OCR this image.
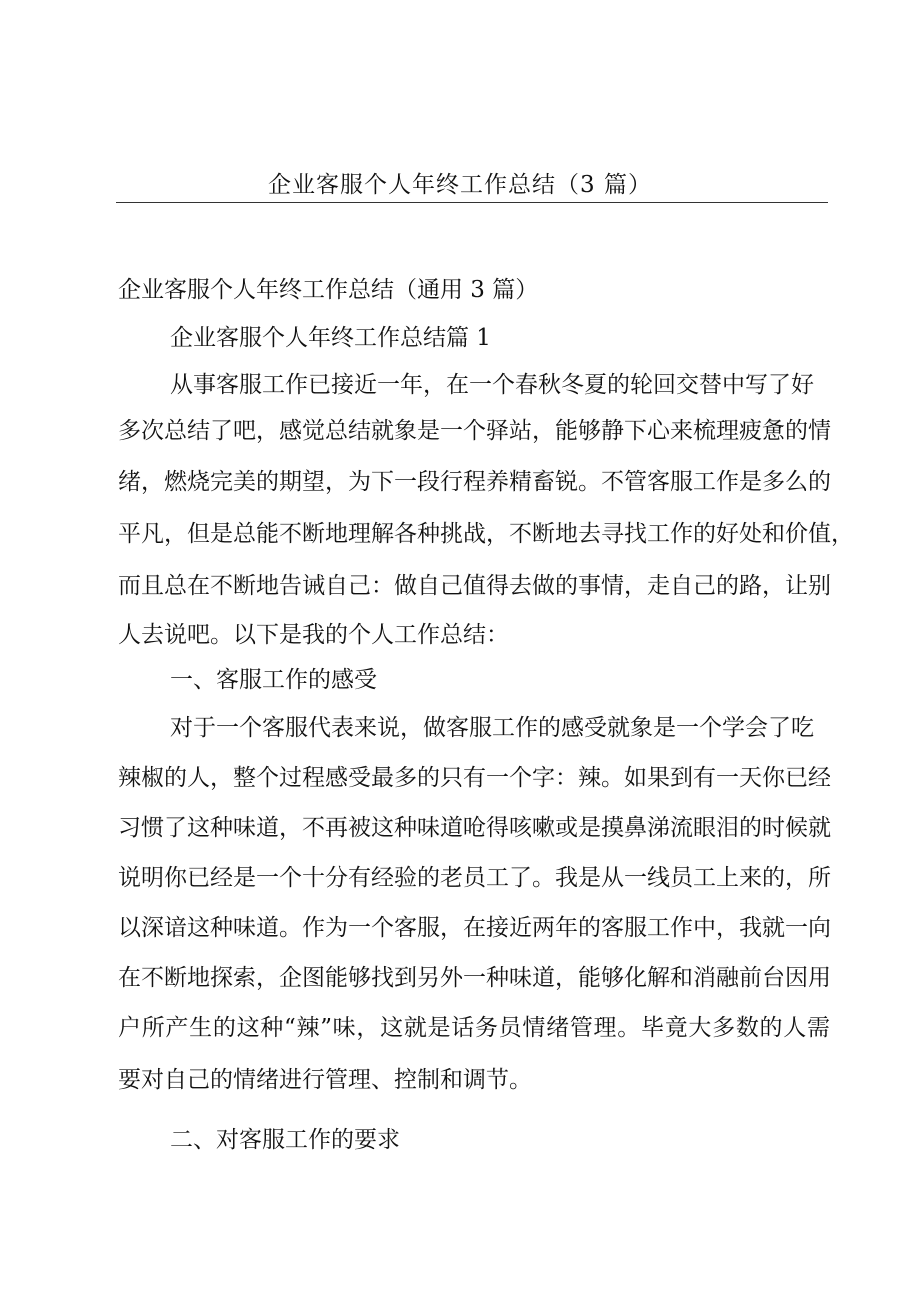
企业客服个人年终工作总结（3 篇）
企业客服个人年终工作总结（通用 3 篇）
企业客服个人年终工作总结篇 1
从事客服工作已接近一年，在一个春秋冬夏的轮回交替中写了好
多次总结了吧，感觉总结就象是一个驿站，能够静下心来梳理疲惫的情
绪，燃烧完美的期望，为下一段行程养精畜锐。不管客服工作是多么的
平凡，但是总能不断地理解各种挑战，不断地去寻找工作的好处和价值，
而且总在不断地告诫自己：做自己值得去做的事情，走自己的路，让别
人去说吧。以下是我的个人工作总结：
一、客服工作的感受
对于一个客服代表来说，做客服工作的感受就象是一个学会了吃
辣椒的人，整个过程感受最多的只有一个字：辣。如果到有一天你已经
习惯了这种味道，不再被这种味道呛得咳嗽或是摸鼻涕流眼泪的时候就
说明你已经是一个十分有经验的老员工了。我是从一线员工上来的，所
以深谙这种味道。作为一个客服，在接近两年的客服工作中，我就一向
在不断地探索，企图能够找到另外一种味道，能够化解和消融前台因用
户所产生的这种“辣”味，这就是话务员情绪管理。毕竟大多数的人需
要对自己的情绪进行管理、控制和调节。
二、对客服工作的要求
